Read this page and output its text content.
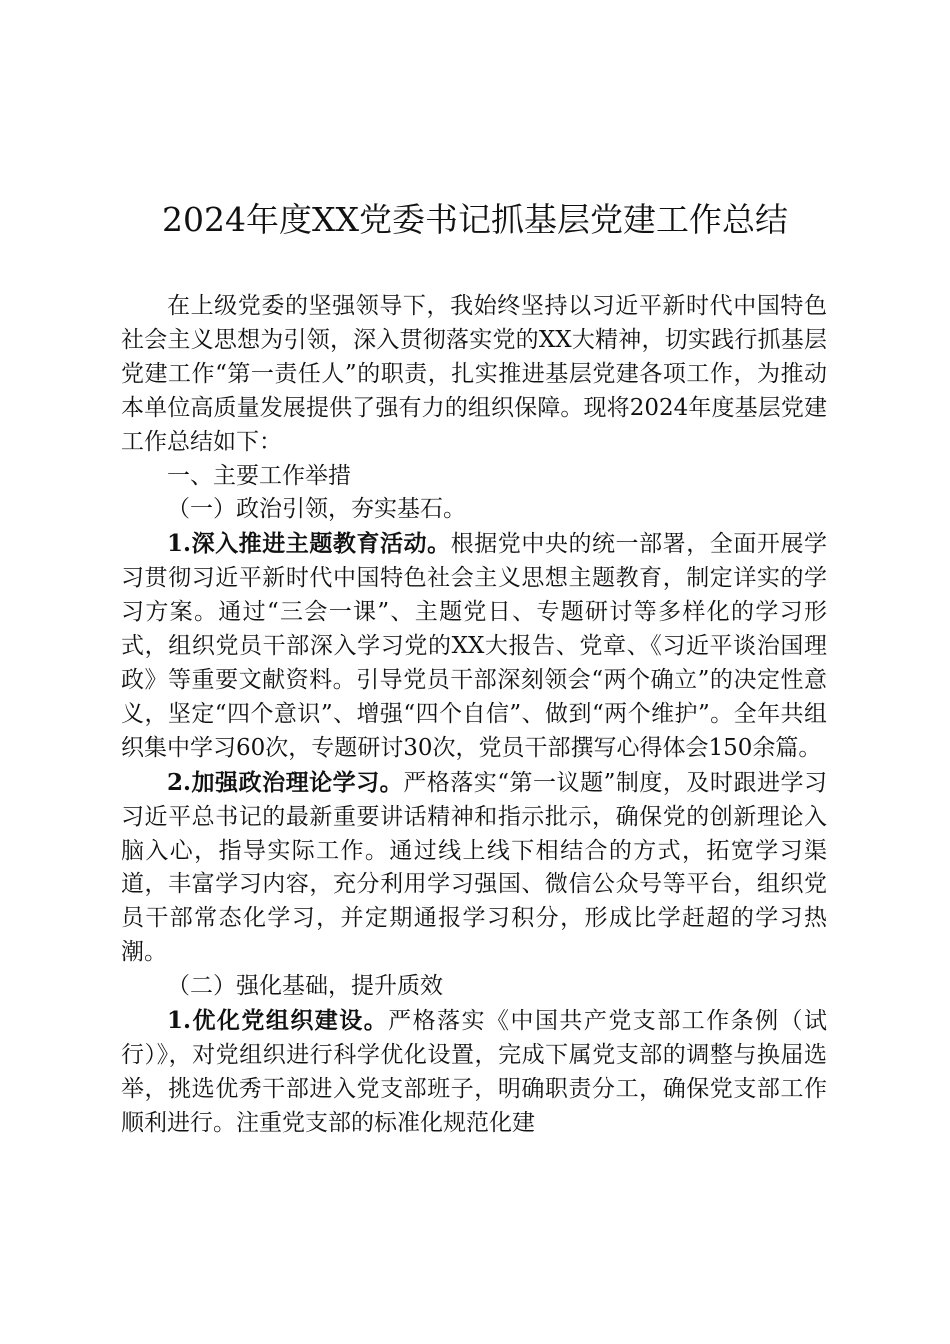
2024年度XX党委书记抓基层党建工作总结

在上级党委的坚强领导下，我始终坚持以习近平新时代中国特色社会主义思想为引领，深入贯彻落实党的XX大精神，切实践行抓基层党建工作“第一责任人”的职责，扎实推进基层党建各项工作，为推动本单位高质量发展提供了强有力的组织保障。现将2024年度基层党建工作总结如下：

一、主要工作举措

（一）政治引领，夯实基石。

1.深入推进主题教育活动。根据党中央的统一部署，全面开展学习贯彻习近平新时代中国特色社会主义思想主题教育，制定详实的学习方案。通过“三会一课”、主题党日、专题研讨等多样化的学习形式，组织党员干部深入学习党的XX大报告、党章、《习近平谈治国理政》等重要文献资料。引导党员干部深刻领会“两个确立”的决定性意义，坚定“四个意识”、增强“四个自信”、做到“两个维护”。全年共组织集中学习60次，专题研讨30次，党员干部撰写心得体会150余篇。

2.加强政治理论学习。严格落实“第一议题”制度，及时跟进学习习近平总书记的最新重要讲话精神和指示批示，确保党的创新理论入脑入心，指导实际工作。通过线上线下相结合的方式，拓宽学习渠道，丰富学习内容，充分利用学习强国、微信公众号等平台，组织党员干部常态化学习，并定期通报学习积分，形成比学赶超的学习热潮。

（二）强化基础，提升质效

1.优化党组织建设。严格落实《中国共产党支部工作条例（试行）》，对党组织进行科学优化设置，完成下属党支部的调整与换届选举，挑选优秀干部进入党支部班子，明确职责分工，确保党支部工作顺利进行。注重党支部的标准化规范化建
